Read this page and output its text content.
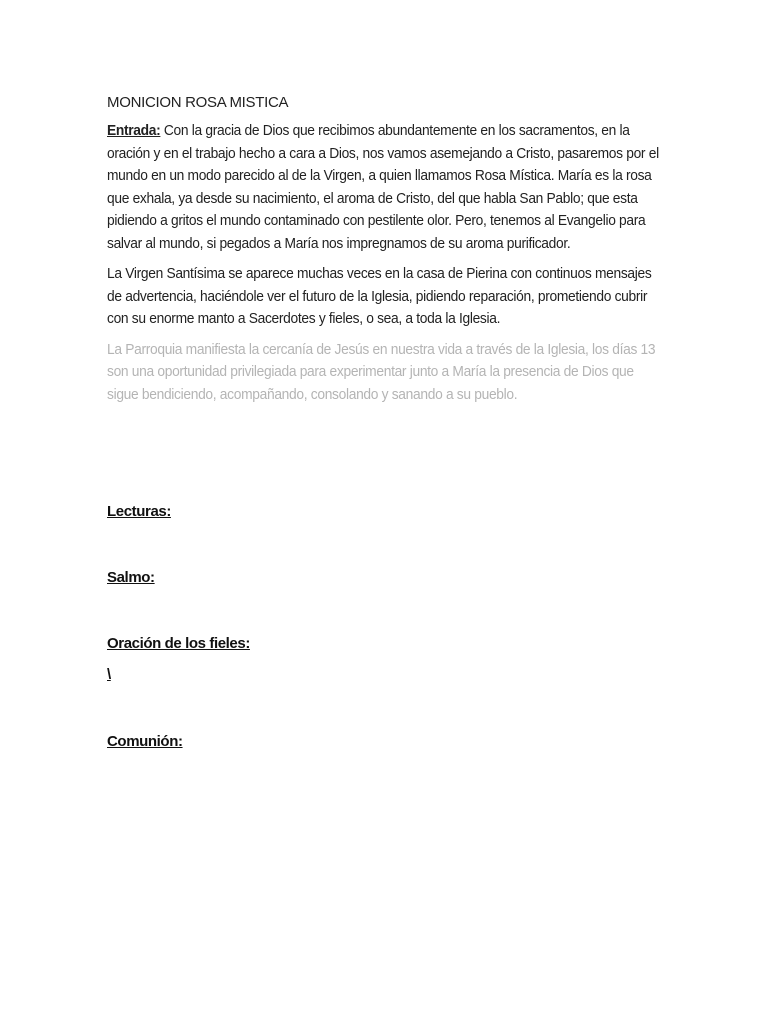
MONICION ROSA MISTICA

Entrada: Con la gracia de Dios que recibimos abundantemente en los sacramentos, en la oración y en el trabajo hecho a cara a Dios, nos vamos asemejando a Cristo, pasaremos por el mundo en un modo parecido al de la Virgen, a quien llamamos Rosa Mística. María es la rosa que exhala, ya desde su nacimiento, el aroma de Cristo, del que habla San Pablo; que esta pidiendo a gritos el mundo contaminado con pestilente olor. Pero, tenemos al Evangelio para salvar al mundo, si pegados a María nos impregnamos de su aroma purificador.

La Virgen Santísima se aparece muchas veces en la casa de Pierina con continuos mensajes de advertencia, haciéndole ver el futuro de la Iglesia, pidiendo reparación, prometiendo cubrir con su enorme manto a Sacerdotes y fieles, o sea, a toda la Iglesia.

La Parroquia manifiesta la cercanía de Jesús en nuestra vida a través de la Iglesia, los días 13 son una oportunidad privilegiada para experimentar junto a María la presencia de Dios que sigue bendiciendo, acompañando, consolando y sanando a su pueblo.

Lecturas:
Salmo:
Oración de los fieles:
\
Comunión:
